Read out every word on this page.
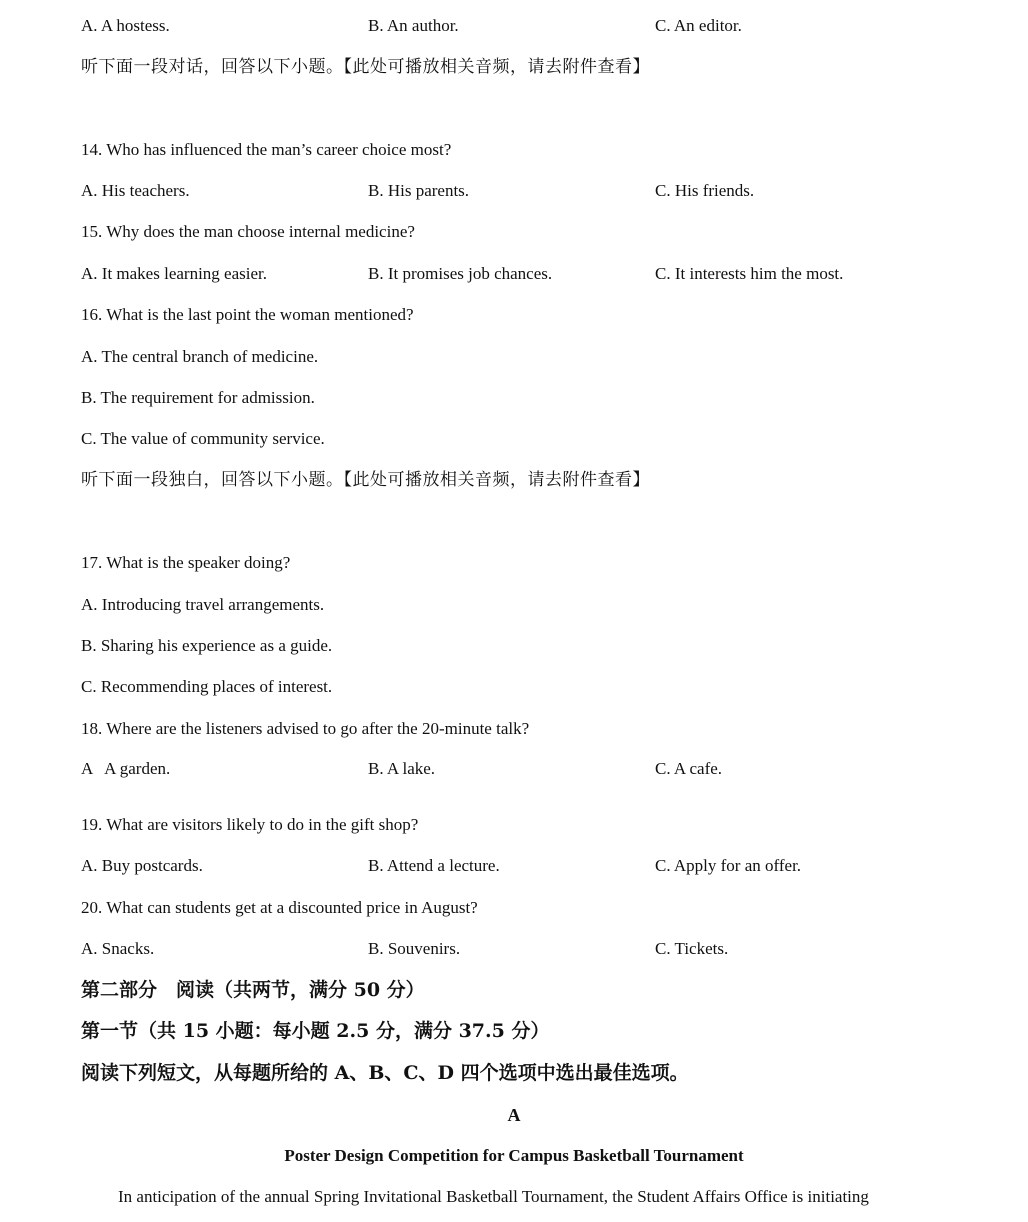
A. A hostess.	B. An author.	C. An editor.
听下面一段对话，回答以下小题。【此处可播放相关音频，请去附件查看】
14. Who has influenced the man’s career choice most?
A. His teachers.	B. His parents.	C. His friends.
15. Why does the man choose internal medicine?
A. It makes learning easier.	B. It promises job chances.	C. It interests him the most.
16. What is the last point the woman mentioned?
A. The central branch of medicine.
B. The requirement for admission.
C. The value of community service.
听下面一段独白，回答以下小题。【此处可播放相关音频，请去附件查看】
17. What is the speaker doing?
A. Introducing travel arrangements.
B. Sharing his experience as a guide.
C. Recommending places of interest.
18. Where are the listeners advised to go after the 20-minute talk?
A   A garden.	B. A lake.	C. A cafe.
19. What are visitors likely to do in the gift shop?
A. Buy postcards.	B. Attend a lecture.	C. Apply for an offer.
20. What can students get at a discounted price in August?
A. Snacks.	B. Souvenirs.	C. Tickets.
第二部分　阅读（共两节，满分 50 分）
第一节（共 15 小题：每小题 2.5 分，满分 37.5 分）
阅读下列短文，从每题所给的 A、B、C、D 四个选项中选出最佳选项。
A
Poster Design Competition for Campus Basketball Tournament
In anticipation of the annual Spring Invitational Basketball Tournament, the Student Affairs Office is initiating
